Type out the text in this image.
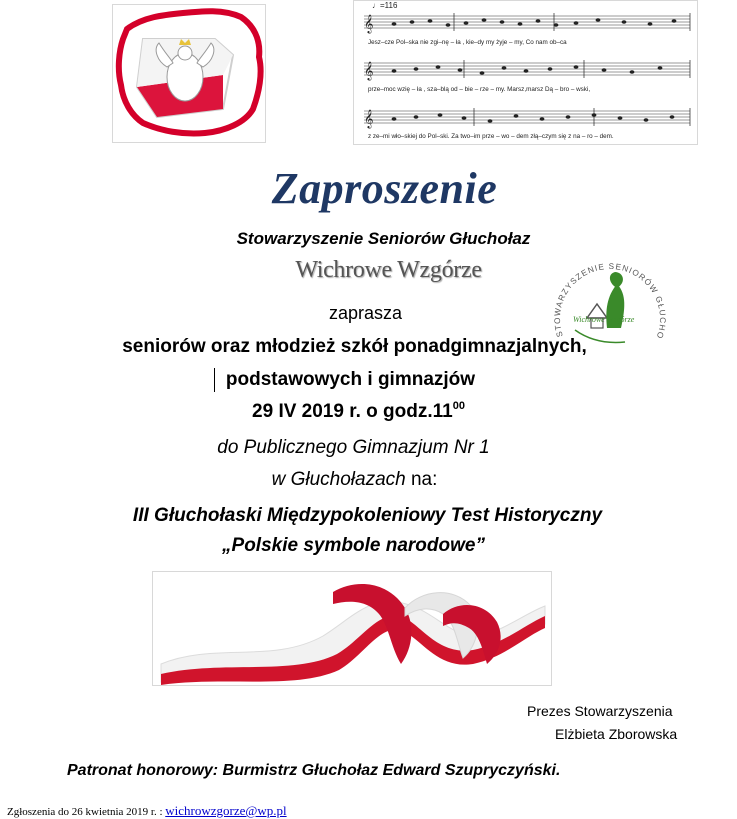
𝄞
𝄞
𝄞
♩=116
Jesz–cze Pol–ska nie zgi–nę – ła , kie–dy my żyje – my, Co nam ob–ca
prze–moc wzię – ła , sza–blą od – bie – rze – my. Marsz,marsz Dą – bro – wski,
z ze–mi wło–skiej do Pol–ski. Za two–im prze – wo – dem złą–czym się z na – ro – dem.
Zaproszenie
Stowarzyszenie Seniorów Głuchołaz
Wichrowe Wzgórze
STOWARZYSZENIE SENIORÓW GŁUCHO
Wichrowe Wzgórze
zaprasza
seniorów oraz młodzież szkół ponadgimnazjalnych,
podstawowych i gimnazjów
29 IV 2019 r. o $godz.11^{00}$
do Publicznego Gimnazjum Nr 1
w Głuchołazach na:
III Głuchołaski Międzypokoleniowy Test Historyczny
„Polskie symbole narodowe”
Prezes Stowarzyszenia
Elżbieta Zborowska
Patronat honorowy: Burmistrz Głuchołaz Edward Szupryczyński.
Zgłoszenia do 26 kwietnia 2019 r. : wichrowzgorze@wp.pl
